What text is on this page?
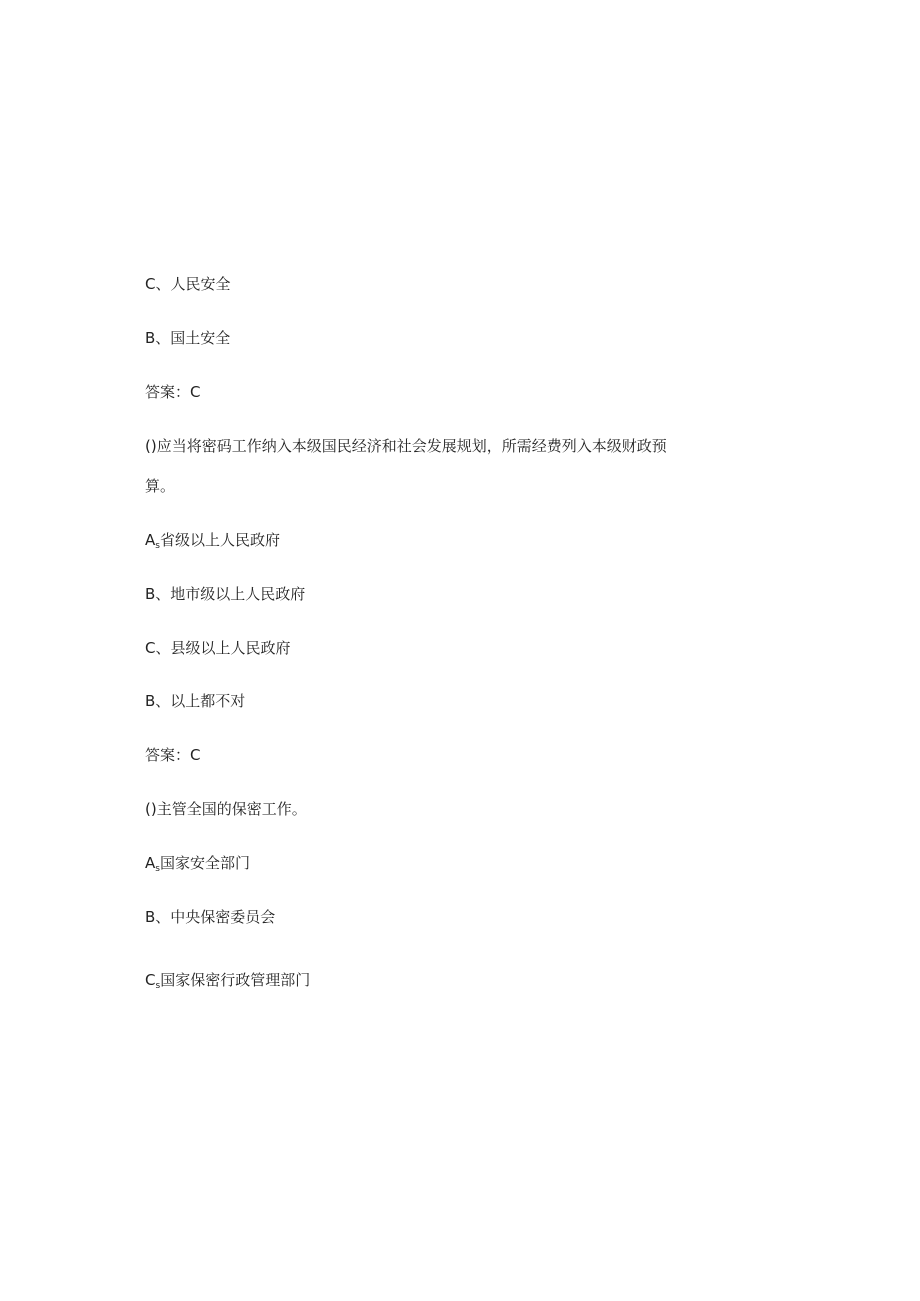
C、人民安全

B、国土安全

答案：C

()应当将密码工作纳入本级国民经济和社会发展规划，所需经费列入本级财政预

算。

$A_s$省级以上人民政府

B、地市级以上人民政府

C、县级以上人民政府

B、以上都不对

答案：C

()主管全国的保密工作。

$A_s$国家安全部门

B、中央保密委员会

$C_s$国家保密行政管理部门
